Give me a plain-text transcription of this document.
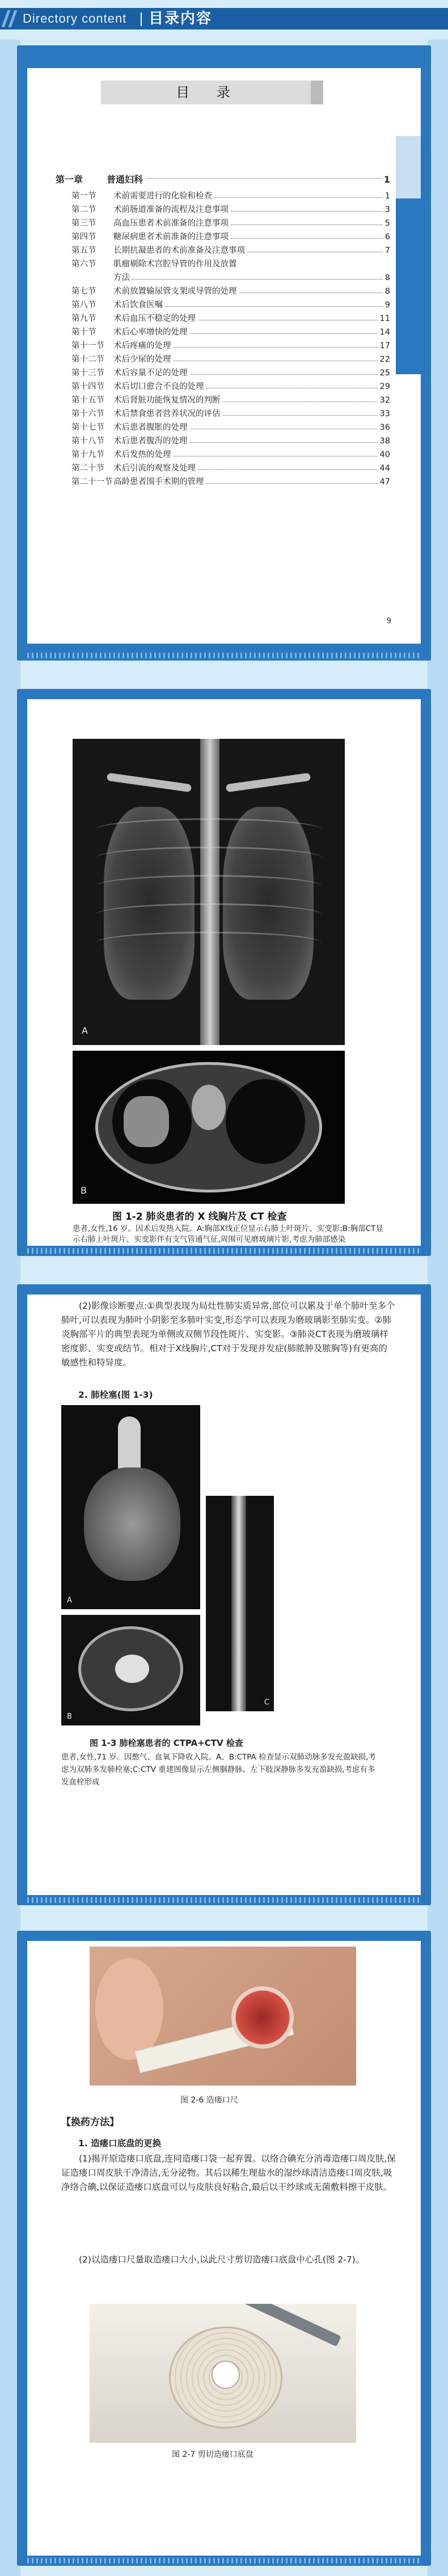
Directory content	目录内容
目 录
第一章	普通妇科	1
第一节 术前需要进行的化验和检查	1
第二节 术前肠道准备的流程及注意事项	3
第三节 高血压患者术前准备的注意事项	5
第四节 糖尿病患者术前准备的注意事项	6
第五节 长期抗凝患者的术前准备及注意事项	7
第六节 肌瘤剔除术宫腔导管的作用及放置
方法	8
第七节 术前放置输尿管支架或导管的处理	8
第八节 术后饮食医嘱	9
第九节 术后血压不稳定的处理	11
第十节 术后心率增快的处理	14
第十一节 术后疼痛的处理	17
第十二节 术后少尿的处理	22
第十三节 术后容量不足的处理	25
第十四节 术后切口愈合不良的处理	29
第十五节 术后肾脏功能恢复情况的判断	32
第十六节 术后禁食患者营养状况的评估	33
第十七节 术后患者腹胀的处理	36
第十八节 术后患者腹泻的处理	38
第十九节 术后发热的处理	40
第二十节 术后引流的观察及处理	44
第二十一节 高龄患者围手术期的管理	47
9
A
B
图 1-2 肺炎患者的 X 线胸片及 CT 检查
患者,女性,16 岁。因术后发热入院。A:胸部X线正位显示右肺上叶斑片、实变影;B:胸部CT显示右肺上叶斑片、实变影伴有支气管通气征,周围可见磨玻璃片影,考虑为肺部感染
(2)影像诊断要点:①典型表现为局灶性肺实质异常,部位可以累及于单个肺叶至多个肺叶,可以表现为肺叶小阴影至多肺叶实变,形态学可以表现为磨玻璃影至肺实变。②肺炎胸部平片的典型表现为单侧或双侧节段性斑片、实变影。③肺炎CT表现为磨玻璃样密度影、实变或结节。相对于X线胸片,CT对于发现并发症(肺脓肿及脓胸等)有更高的敏感性和特异度。
2. 肺栓塞(图 1-3)
A
B
C
图 1-3 肺栓塞患者的 CTPA+CTV 检查
患者,女性,71 岁。因憋气、血氧下降收入院。A、B:CTPA 检查显示双肺动脉多发充盈缺损,考虑为双肺多发肺栓塞;C:CTV 重建图像显示左侧腘静脉、左下肢深静脉多发充盈缺损,考虑有多发血栓形成
图 2-6 造瘘口尺
【换药方法】
1. 造瘘口底盘的更换
(1)揭开原造瘘口底盘,连同造瘘口袋一起弃置。以络合碘充分消毒造瘘口周皮肤,保证造瘘口周皮肤干净清洁,无分泌物。其后以稀生理盐水的湿纱球清洁造瘘口周皮肤,吸净络合碘,以保证造瘘口底盘可以与皮肤良好粘合,最后以干纱球或无菌敷料擦干皮肤。
(2)以造瘘口尺量取造瘘口大小,以此尺寸剪切造瘘口底盘中心孔(图 2-7)。
图 2-7 剪切造瘘口底盘
